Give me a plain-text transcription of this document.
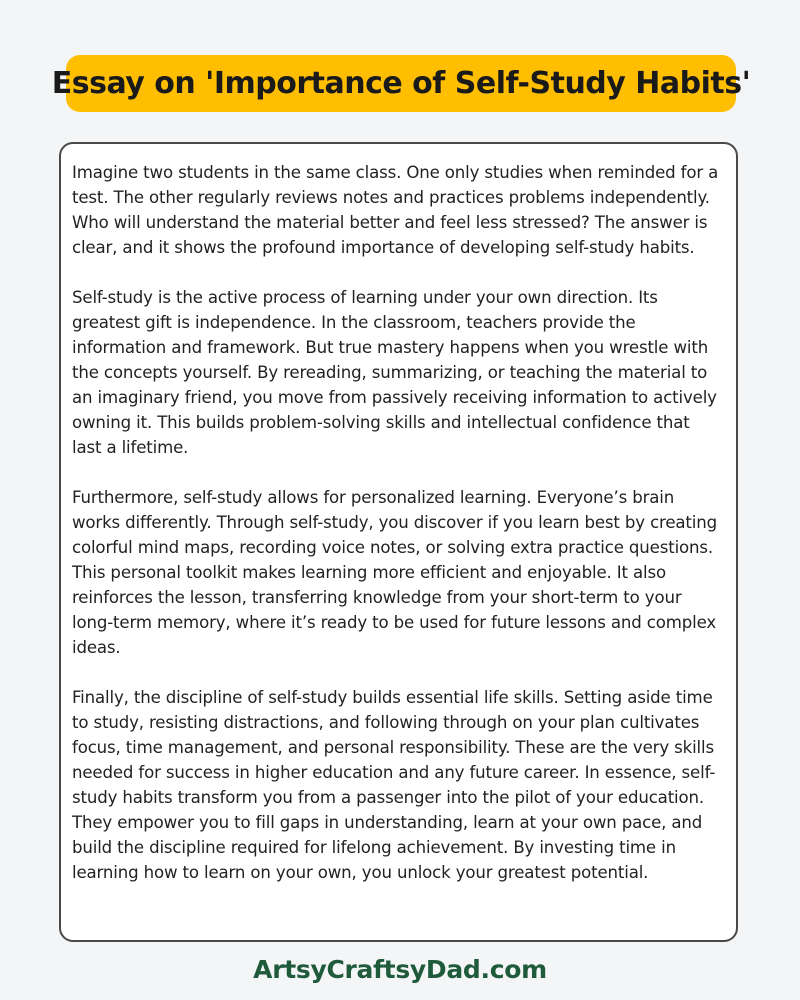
Essay on 'Importance of Self-Study Habits'

Imagine two students in the same class. One only studies when reminded for a test. The other regularly reviews notes and practices problems independently. Who will understand the material better and feel less stressed? The answer is clear, and it shows the profound importance of developing self-study habits.

Self-study is the active process of learning under your own direction. Its greatest gift is independence. In the classroom, teachers provide the information and framework. But true mastery happens when you wrestle with the concepts yourself. By rereading, summarizing, or teaching the material to an imaginary friend, you move from passively receiving information to actively owning it. This builds problem-solving skills and intellectual confidence that last a lifetime.

Furthermore, self-study allows for personalized learning. Everyone’s brain works differently. Through self-study, you discover if you learn best by creating colorful mind maps, recording voice notes, or solving extra practice questions. This personal toolkit makes learning more efficient and enjoyable. It also reinforces the lesson, transferring knowledge from your short-term to your long-term memory, where it’s ready to be used for future lessons and complex ideas.

Finally, the discipline of self-study builds essential life skills. Setting aside time to study, resisting distractions, and following through on your plan cultivates focus, time management, and personal responsibility. These are the very skills needed for success in higher education and any future career. In essence, self-study habits transform you from a passenger into the pilot of your education. They empower you to fill gaps in understanding, learn at your own pace, and build the discipline required for lifelong achievement. By investing time in learning how to learn on your own, you unlock your greatest potential.

ArtsyCraftsyDad.com
